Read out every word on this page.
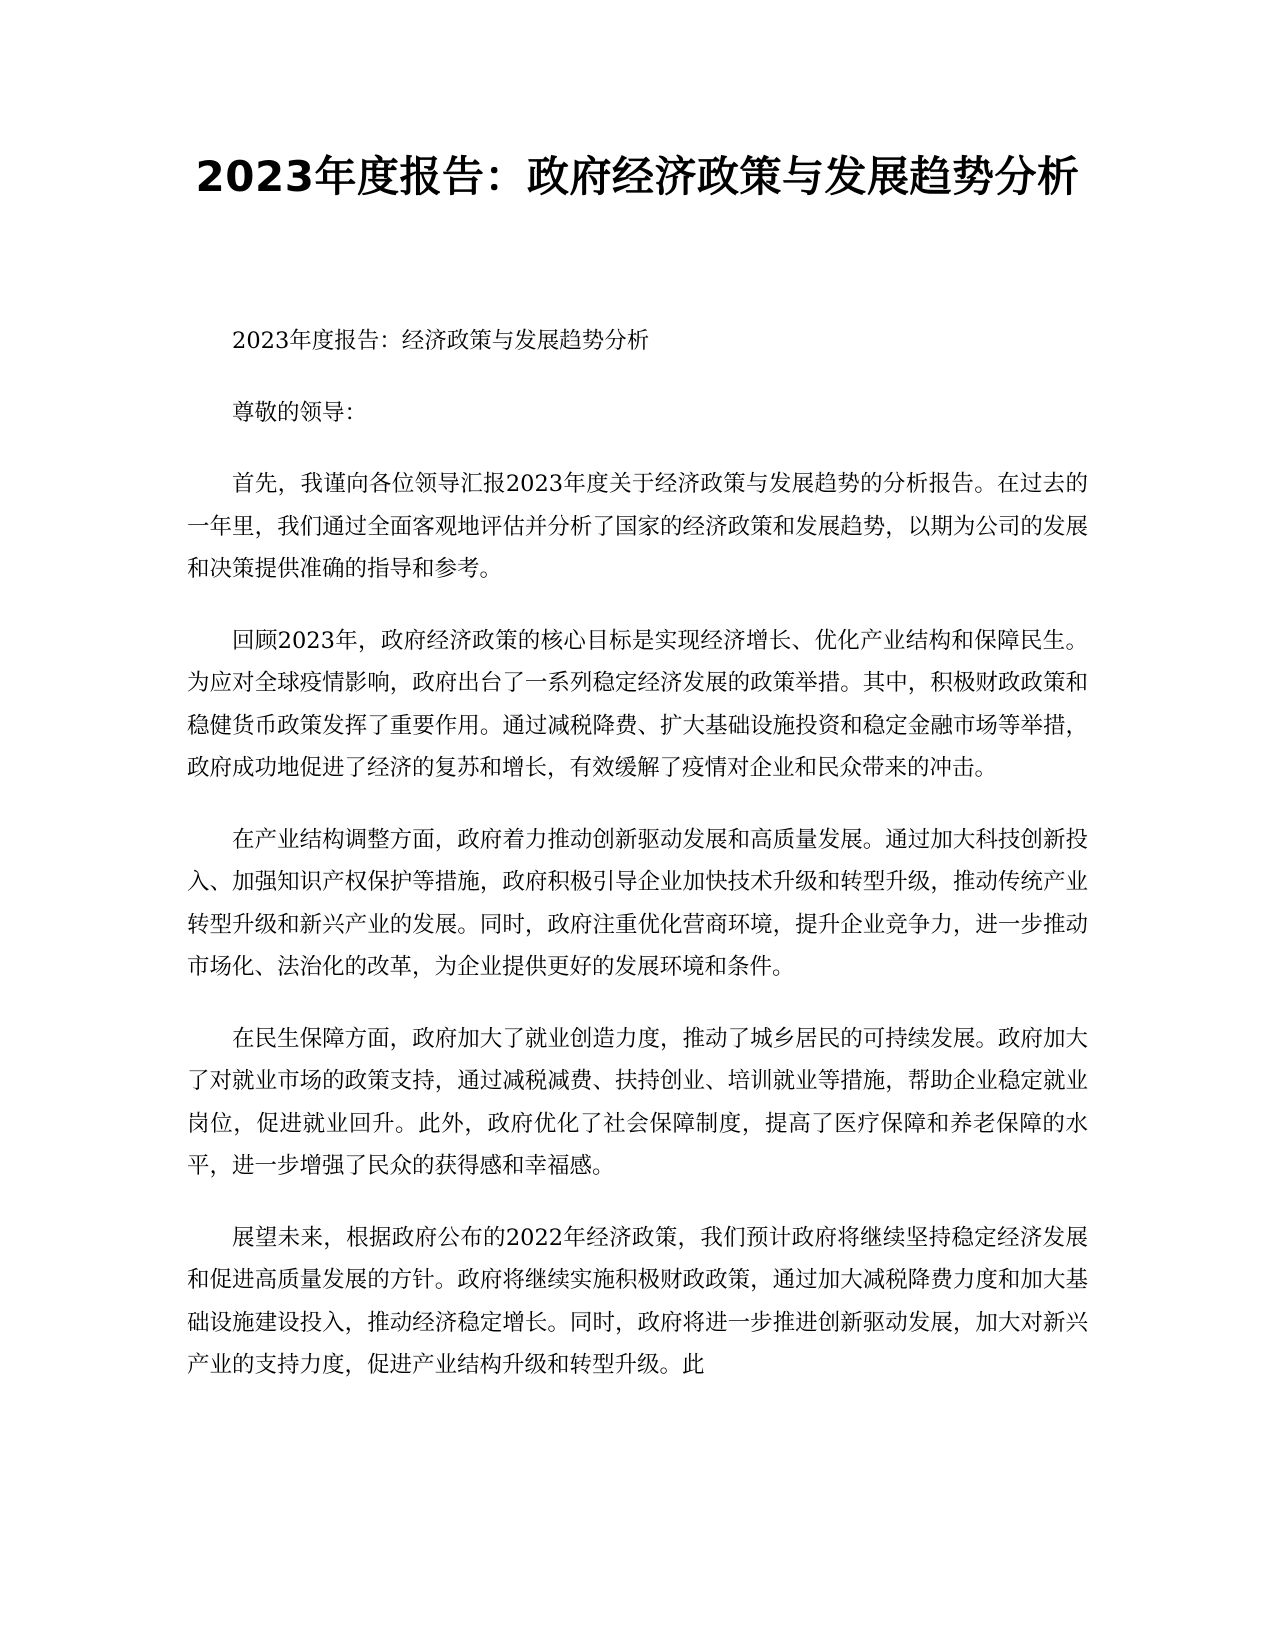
2023年度报告：政府经济政策与发展趋势分析

2023年度报告：经济政策与发展趋势分析

尊敬的领导：

首先，我谨向各位领导汇报2023年度关于经济政策与发展趋势的分析报告。在过去的一年里，我们通过全面客观地评估并分析了国家的经济政策和发展趋势，以期为公司的发展和决策提供准确的指导和参考。

回顾2023年，政府经济政策的核心目标是实现经济增长、优化产业结构和保障民生。为应对全球疫情影响，政府出台了一系列稳定经济发展的政策举措。其中，积极财政政策和稳健货币政策发挥了重要作用。通过减税降费、扩大基础设施投资和稳定金融市场等举措，政府成功地促进了经济的复苏和增长，有效缓解了疫情对企业和民众带来的冲击。

在产业结构调整方面，政府着力推动创新驱动发展和高质量发展。通过加大科技创新投入、加强知识产权保护等措施，政府积极引导企业加快技术升级和转型升级，推动传统产业转型升级和新兴产业的发展。同时，政府注重优化营商环境，提升企业竞争力，进一步推动市场化、法治化的改革，为企业提供更好的发展环境和条件。

在民生保障方面，政府加大了就业创造力度，推动了城乡居民的可持续发展。政府加大了对就业市场的政策支持，通过减税减费、扶持创业、培训就业等措施，帮助企业稳定就业岗位，促进就业回升。此外，政府优化了社会保障制度，提高了医疗保障和养老保障的水平，进一步增强了民众的获得感和幸福感。

展望未来，根据政府公布的2022年经济政策，我们预计政府将继续坚持稳定经济发展和促进高质量发展的方针。政府将继续实施积极财政政策，通过加大减税降费力度和加大基础设施建设投入，推动经济稳定增长。同时，政府将进一步推进创新驱动发展，加大对新兴产业的支持力度，促进产业结构升级和转型升级。此
